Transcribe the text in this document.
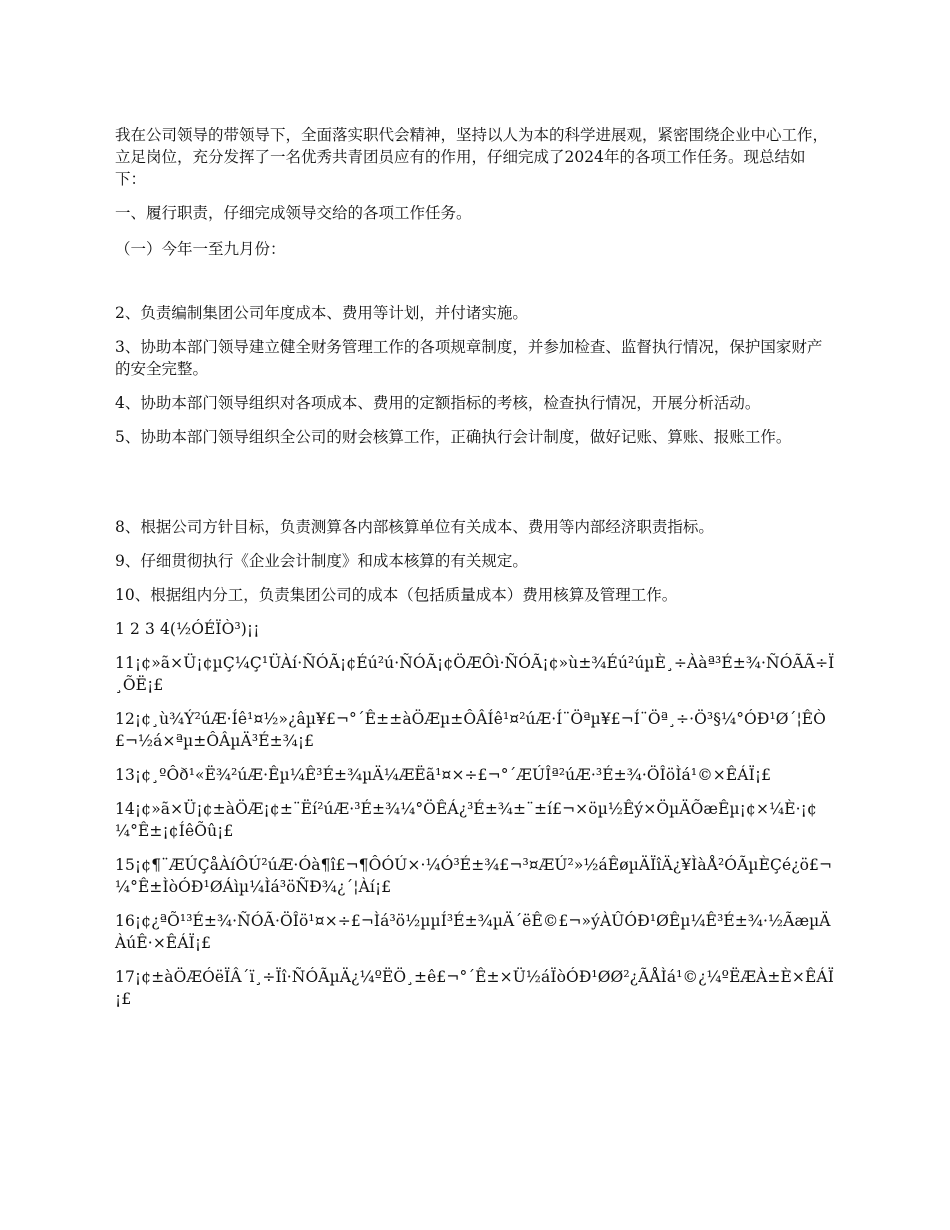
我在公司领导的带领导下，全面落实职代会精神，坚持以人为本的科学进展观，紧密围绕企业中心工作，立足岗位，充分发挥了一名优秀共青团员应有的作用，仔细完成了2024年的各项工作任务。现总结如下：

一、履行职责，仔细完成领导交给的各项工作任务。

（一）今年一至九月份：

2、负责编制集团公司年度成本、费用等计划，并付诸实施。

3、协助本部门领导建立健全财务管理工作的各项规章制度，并参加检查、监督执行情况，保护国家财产的安全完整。

4、协助本部门领导组织对各项成本、费用的定额指标的考核，检查执行情况，开展分析活动。

5、协助本部门领导组织全公司的财会核算工作，正确执行会计制度，做好记账、算账、报账工作。

8、根据公司方针目标，负责测算各内部核算单位有关成本、费用等内部经济职责指标。

9、仔细贯彻执行《企业会计制度》和成本核算的有关规定。

10、根据组内分工，负责集团公司的成本（包括质量成本）费用核算及管理工作。

1 2 3 4(½ÓÉÏÒ³)¡¡

11¡¢»ã×Ü¡¢µÇ¼Ç¹ÜÀí·ÑÓÃ¡¢Éú²ú·ÑÓÃ¡¢ÖÆÔì·ÑÓÃ¡¢»ù±¾Éú²úµÈ¸÷Ààª³É±¾·ÑÓÃÃ÷Ï¸ÕË¡£

12¡¢¸ù¾Ý²úÆ·Íê¹¤½»¿âµ¥£¬°´Ê±±àÖÆµ±ÔÂÍê¹¤²úÆ·Í¨Öªµ¥£¬Í¨Öª¸÷·Ö³§¼°ÓÐ¹Ø´¦ÊÒ£¬½á×ªµ±ÔÂµÄ³É±¾¡£

13¡¢¸ºÔð¹«Ë¾²úÆ·Êµ¼Ê³É±¾µÄ¼ÆËã¹¤×÷£¬°´ÆÚÎª²úÆ·³É±¾·ÖÎöÌá¹©×ÊÁÏ¡£

14¡¢»ã×Ü¡¢±àÖÆ¡¢±¨Ëí²úÆ·³É±¾¼°ÖÊÁ¿³É±¾±¨±í£¬×öµ½Êý×ÖµÄÕæÊµ¡¢×¼È·¡¢¼°Ê±¡¢ÍêÕû¡£

15¡¢¶¨ÆÚÇåÀíÔÚ²úÆ·Óà¶î£¬¶ÔÓÚ×·¼Ó³É±¾£¬³¤ÆÚ²»½áÊøµÄÏîÄ¿¥ÌàÅ²ÓÃµÈÇé¿ö£¬¼°Ê±ÌòÓÐ¹ØÁìµ¼Ìá³öÑÐ¾¿´¦Àí¡£

16¡¢¿ªÕ¹³É±¾·ÑÓÃ·ÖÎö¹¤×÷£¬Ìá³ö½µµÍ³É±¾µÄ´ëÊ©£¬»ýÀÛÓÐ¹ØÊµ¼Ê³É±¾·½ÃæµÄÀúÊ·×ÊÁÏ¡£

17¡¢±àÖÆÓëÏÂ´ï¸÷Ïî·ÑÓÃµÄ¿¼ºËÖ¸±ê£¬°´Ê±×Ü½áÏòÓÐ¹ØØ²¿ÃÅÌá¹©¿¼ºËÆÀ±È×ÊÁÏ¡£
